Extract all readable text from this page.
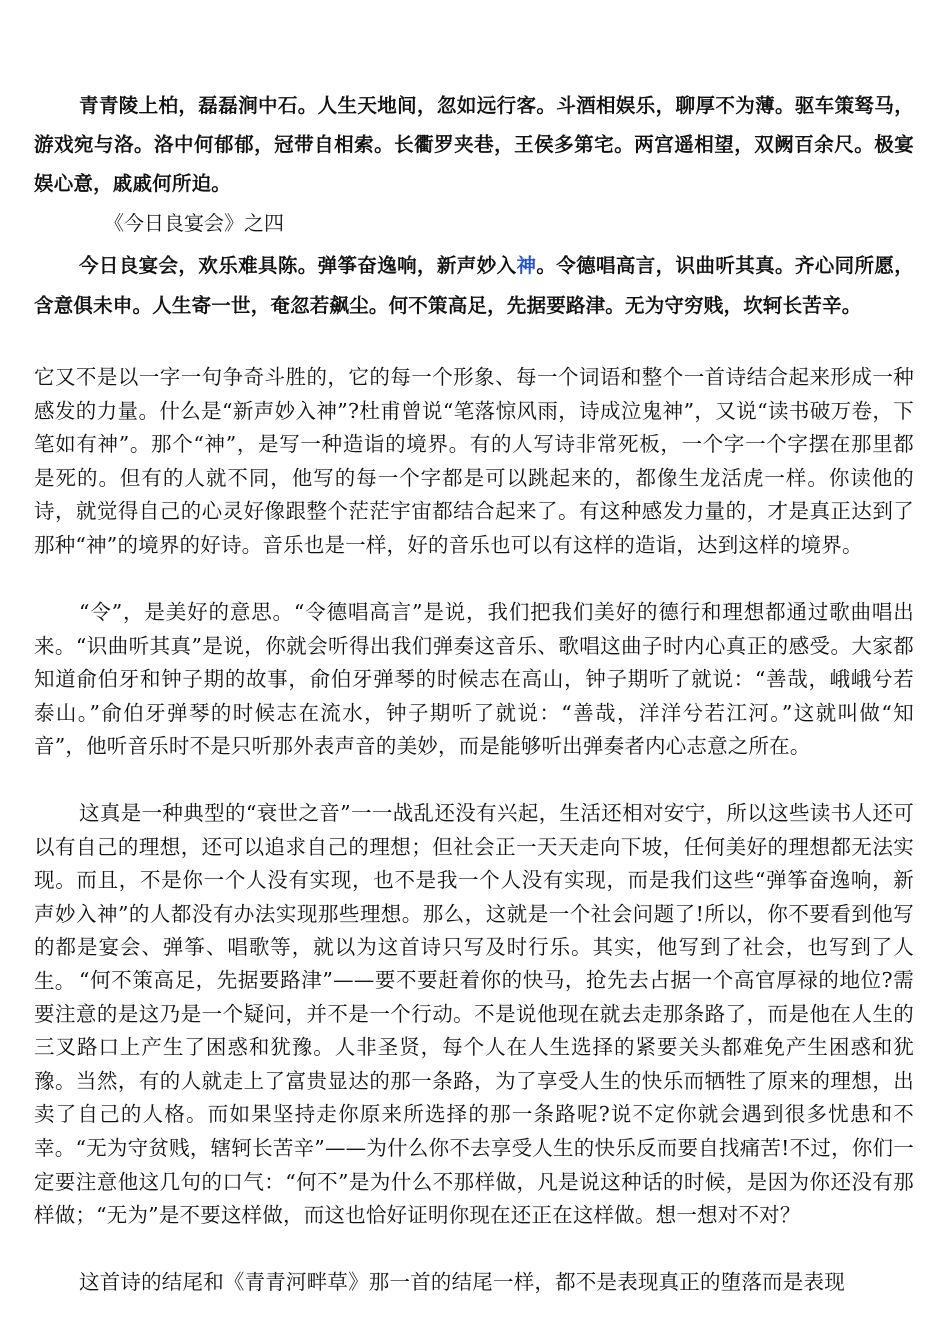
青青陵上柏，磊磊涧中石。人生天地间，忽如远行客。斗酒相娱乐，聊厚不为薄。驱车策驽马，游戏宛与洛。洛中何郁郁，冠带自相索。长衢罗夹巷，王侯多第宅。两宫遥相望，双阙百余尺。极宴娱心意，戚戚何所迫。

《今日良宴会》之四

今日良宴会，欢乐难具陈。弹筝奋逸响，新声妙入神。令德唱高言，识曲听其真。齐心同所愿，含意俱未申。人生寄一世，奄忽若飙尘。何不策高足，先据要路津。无为守穷贱，坎轲长苦辛。

它又不是以一字一句争奇斗胜的，它的每一个形象、每一个词语和整个一首诗结合起来形成一种感发的力量。什么是“新声妙入神”?杜甫曾说“笔落惊风雨，诗成泣鬼神”，又说“读书破万卷，下笔如有神”。那个“神”，是写一种造诣的境界。有的人写诗非常死板，一个字一个字摆在那里都是死的。但有的人就不同，他写的每一个字都是可以跳起来的，都像生龙活虎一样。你读他的诗，就觉得自己的心灵好像跟整个茫茫宇宙都结合起来了。有这种感发力量的，才是真正达到了那种“神”的境界的好诗。音乐也是一样，好的音乐也可以有这样的造诣，达到这样的境界。

“令”，是美好的意思。“令德唱高言”是说，我们把我们美好的德行和理想都通过歌曲唱出来。“识曲听其真”是说，你就会听得出我们弹奏这音乐、歌唱这曲子时内心真正的感受。大家都知道俞伯牙和钟子期的故事，俞伯牙弹琴的时候志在高山，钟子期听了就说：“善哉，峨峨兮若泰山。”俞伯牙弹琴的时候志在流水，钟子期听了就说：“善哉，洋洋兮若江河。”这就叫做“知音”，他听音乐时不是只听那外表声音的美妙，而是能够听出弹奏者内心志意之所在。

这真是一种典型的“衰世之音”一一战乱还没有兴起，生活还相对安宁，所以这些读书人还可以有自己的理想，还可以追求自己的理想；但社会正一天天走向下坡，任何美好的理想都无法实现。而且，不是你一个人没有实现，也不是我一个人没有实现，而是我们这些“弹筝奋逸响，新声妙入神”的人都没有办法实现那些理想。那么，这就是一个社会问题了!所以，你不要看到他写的都是宴会、弹筝、唱歌等，就以为这首诗只写及时行乐。其实，他写到了社会，也写到了人生。 “何不策高足，先据要路津”——要不要赶着你的快马，抢先去占据一个高官厚禄的地位?需要注意的是这乃是一个疑问，并不是一个行动。不是说他现在就去走那条路了，而是他在人生的三叉路口上产生了困惑和犹豫。人非圣贤，每个人在人生选择的紧要关头都难免产生困惑和犹豫。当然，有的人就走上了富贵显达的那一条路，为了享受人生的快乐而牺牲了原来的理想，出卖了自己的人格。而如果坚持走你原来所选择的那一条路呢?说不定你就会遇到很多忧患和不幸。“无为守贫贱，辖轲长苦辛”——为什么你不去享受人生的快乐反而要自找痛苦!不过，你们一定要注意他这几句的口气：“何不”是为什么不那样做，凡是说这种话的时候，是因为你还没有那样做；“无为”是不要这样做，而这也恰好证明你现在还正在这样做。想一想对不对？

这首诗的结尾和《青青河畔草》那一首的结尾一样，都不是表现真正的堕落而是表现
